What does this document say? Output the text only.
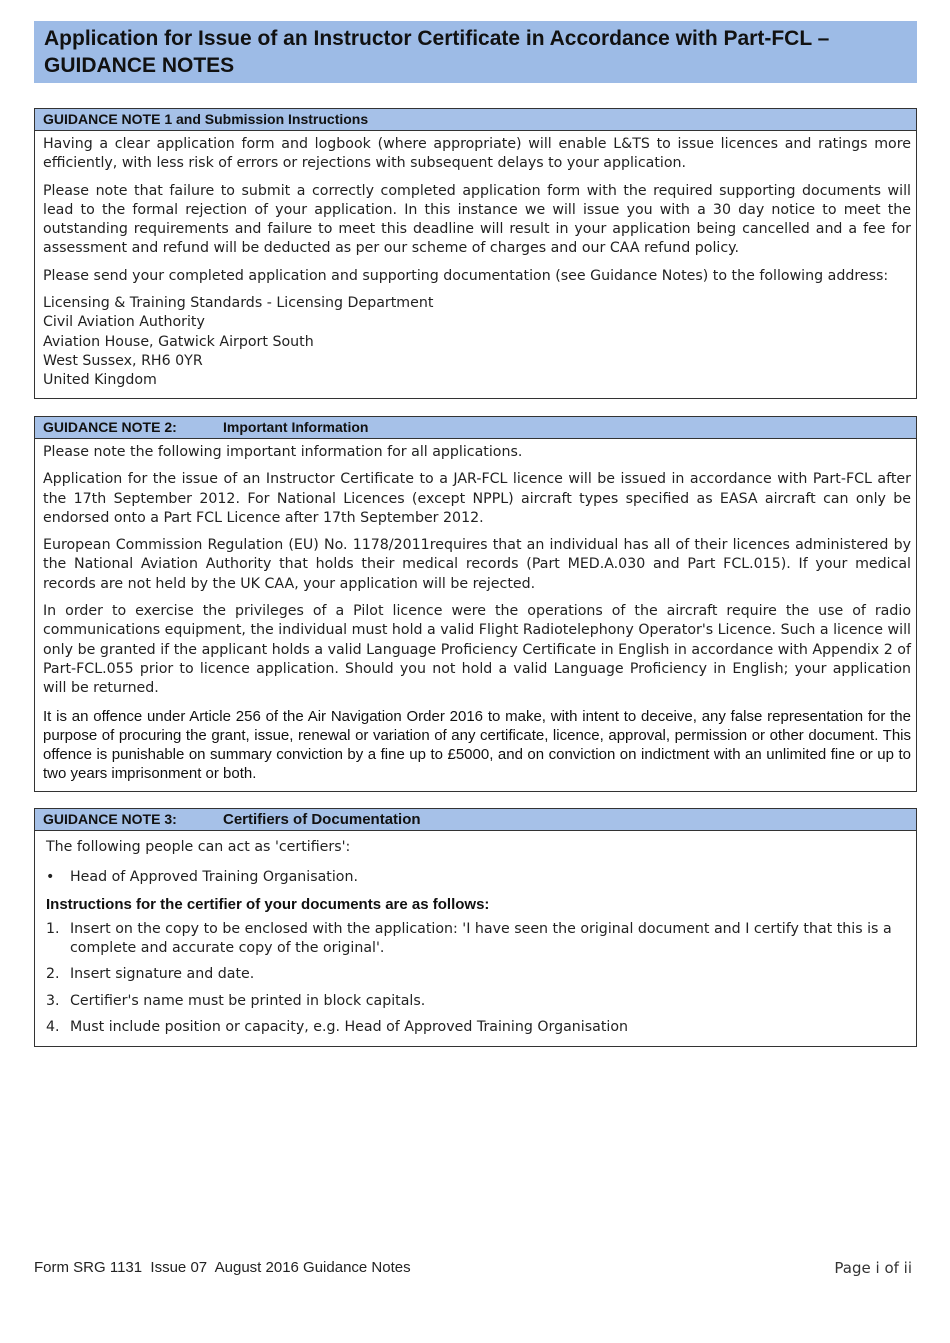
Application for Issue of an Instructor Certificate in Accordance with Part-FCL –
GUIDANCE NOTES
GUIDANCE NOTE 1 and Submission Instructions

Having a clear application form and logbook (where appropriate) will enable L&TS to issue licences and ratings more efficiently, with less risk of errors or rejections with subsequent delays to your application.

Please note that failure to submit a correctly completed application form with the required supporting documents will lead to the formal rejection of your application. In this instance we will issue you with a 30 day notice to meet the outstanding requirements and failure to meet this deadline will result in your application being cancelled and a fee for assessment and refund will be deducted as per our scheme of charges and our CAA refund policy.

Please send your completed application and supporting documentation (see Guidance Notes) to the following address:

Licensing & Training Standards - Licensing Department
Civil Aviation Authority
Aviation House, Gatwick Airport South
West Sussex, RH6 0YR
United Kingdom
GUIDANCE NOTE 2:	Important Information

Please note the following important information for all applications.

Application for the issue of an Instructor Certificate to a JAR-FCL licence will be issued in accordance with Part-FCL after the 17th September 2012. For National Licences (except NPPL) aircraft types specified as EASA aircraft can only be endorsed onto a Part FCL Licence after 17th September 2012.

European Commission Regulation (EU) No. 1178/2011requires that an individual has all of their licences administered by the National Aviation Authority that holds their medical records (Part MED.A.030 and Part FCL.015). If your medical records are not held by the UK CAA, your application will be rejected.

In order to exercise the privileges of a Pilot licence were the operations of the aircraft require the use of radio communications equipment, the individual must hold a valid Flight Radiotelephony Operator's Licence. Such a licence will only be granted if the applicant holds a valid Language Proficiency Certificate in English in accordance with Appendix 2 of Part-FCL.055 prior to licence application. Should you not hold a valid Language Proficiency in English; your application will be returned.

It is an offence under Article 256 of the Air Navigation Order 2016 to make, with intent to deceive, any false representation for the purpose of procuring the grant, issue, renewal or variation of any certificate, licence, approval, permission or other document. This offence is punishable on summary conviction by a fine up to £5000, and on conviction on indictment with an unlimited fine or up to two years imprisonment or both.

GUIDANCE NOTE 3:	Certifiers of Documentation

The following people can act as 'certifiers':

• Head of Approved Training Organisation.

Instructions for the certifier of your documents are as follows:

1. Insert on the copy to be enclosed with the application: 'I have seen the original document and I certify that this is a complete and accurate copy of the original'.
2. Insert signature and date.
3. Certifier's name must be printed in block capitals.
4. Must include position or capacity, e.g. Head of Approved Training Organisation
Form SRG 1131  Issue 07  August 2016 Guidance Notes	Page i of ii
